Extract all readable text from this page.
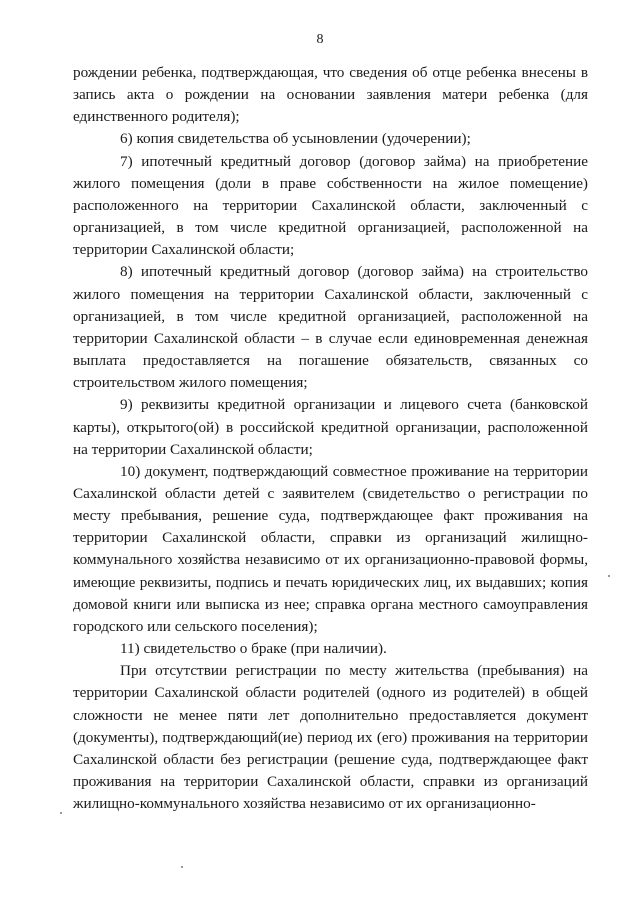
8

рождении ребенка, подтверждающая, что сведения об отце ребенка внесены в запись акта о рождении на основании заявления матери ребенка (для единственного родителя);

6) копия свидетельства об усыновлении (удочерении);

7) ипотечный кредитный договор (договор займа) на приобретение жилого помещения (доли в праве собственности на жилое помещение) расположенного на территории Сахалинской области, заключенный с организацией, в том числе кредитной организацией, расположенной на территории Сахалинской области;

8) ипотечный кредитный договор (договор займа) на строительство жилого помещения на территории Сахалинской области, заключенный с организацией, в том числе кредитной организацией, расположенной на территории Сахалинской области – в случае если единовременная денежная выплата предоставляется на погашение обязательств, связанных со строительством жилого помещения;

9) реквизиты кредитной организации и лицевого счета (банковской карты), открытого(ой) в российской кредитной организации, расположенной на территории Сахалинской области;

10) документ, подтверждающий совместное проживание на территории Сахалинской области детей с заявителем (свидетельство о регистрации по месту пребывания, решение суда, подтверждающее факт проживания на территории Сахалинской области, справки из организаций жилищно-коммунального хозяйства независимо от их организационно-правовой формы, имеющие реквизиты, подпись и печать юридических лиц, их выдавших; копия домовой книги или выписка из нее; справка органа местного самоуправления городского или сельского поселения);

11) свидетельство о браке (при наличии).

При отсутствии регистрации по месту жительства (пребывания) на территории Сахалинской области родителей (одного из родителей) в общей сложности не менее пяти лет дополнительно предоставляется документ (документы), подтверждающий(ие) период их (его) проживания на территории Сахалинской области без регистрации (решение суда, подтверждающее факт проживания на территории Сахалинской области, справки из организаций жилищно-коммунального хозяйства независимо от их организационно-
